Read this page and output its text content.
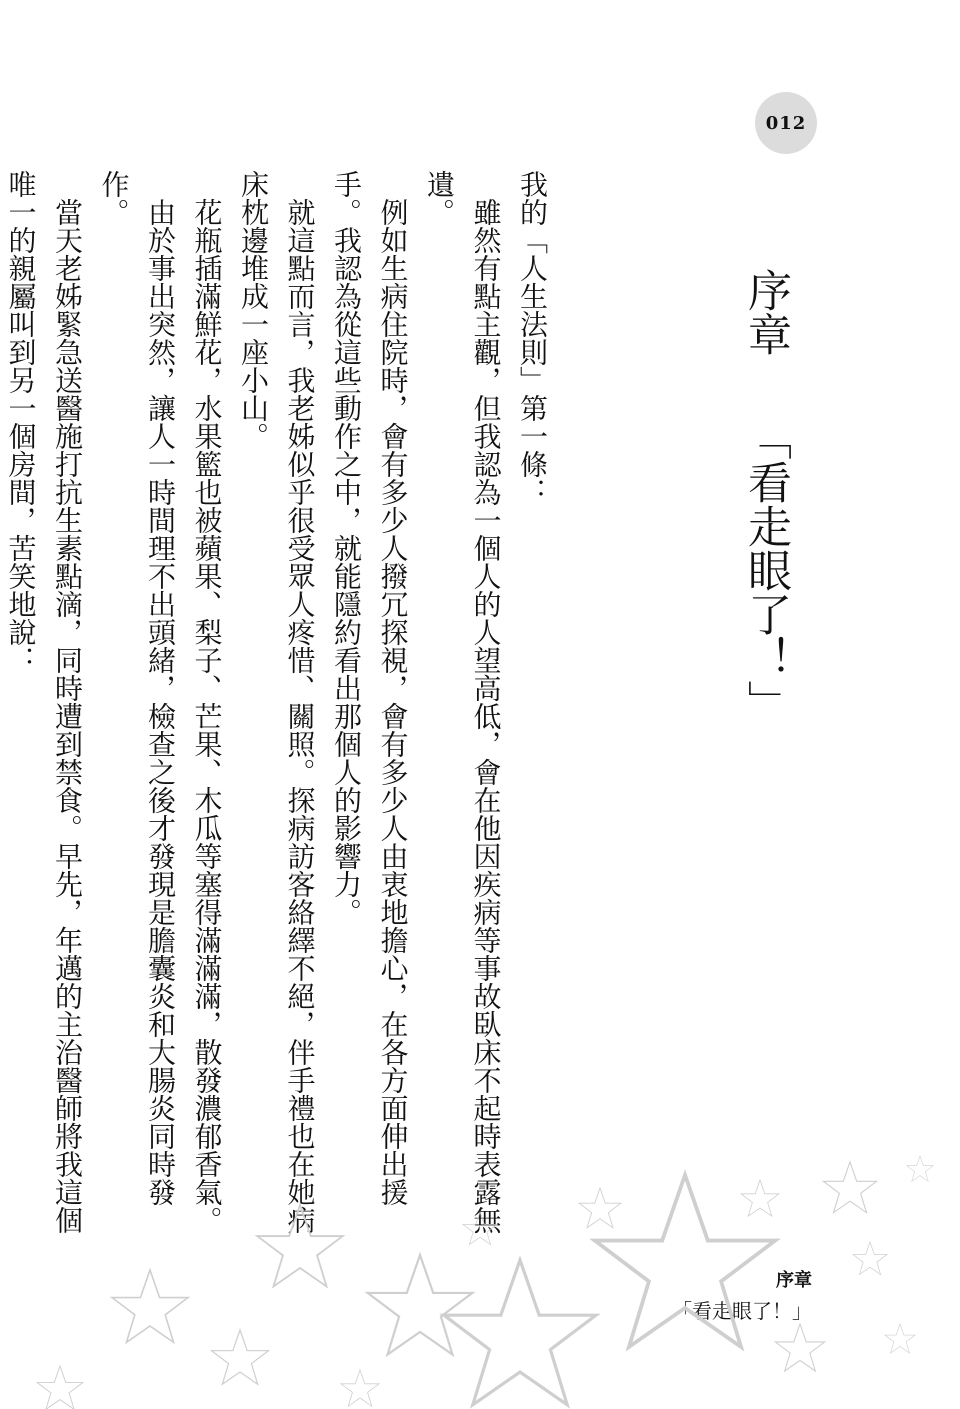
012
序章「看走眼了！」

我的「人生法則」第一條：

雖然有點主觀，但我認為一個人的人望高低，會在他因疾病等事故臥床不起時表露無遺。

例如生病住院時，會有多少人撥冗探視，會有多少人由衷地擔心，在各方面伸出援手。我認為從這些動作之中，就能隱約看出那個人的影響力。

就這點而言，我老姊似乎很受眾人疼惜、關照。探病訪客絡繹不絕，伴手禮也在她病床枕邊堆成一座小山。

花瓶插滿鮮花，水果籃也被蘋果、梨子、芒果、木瓜等塞得滿滿滿，散發濃郁香氣。

由於事出突然，讓人一時間理不出頭緒，檢查之後才發現是膽囊炎和大腸炎同時發作。

當天老姊緊急送醫施打抗生素點滴，同時遭到禁食。早先，年邁的主治醫師將我這個唯一的親屬叫到另一個房間，苦笑地說：

序章
「看走眼了！」
